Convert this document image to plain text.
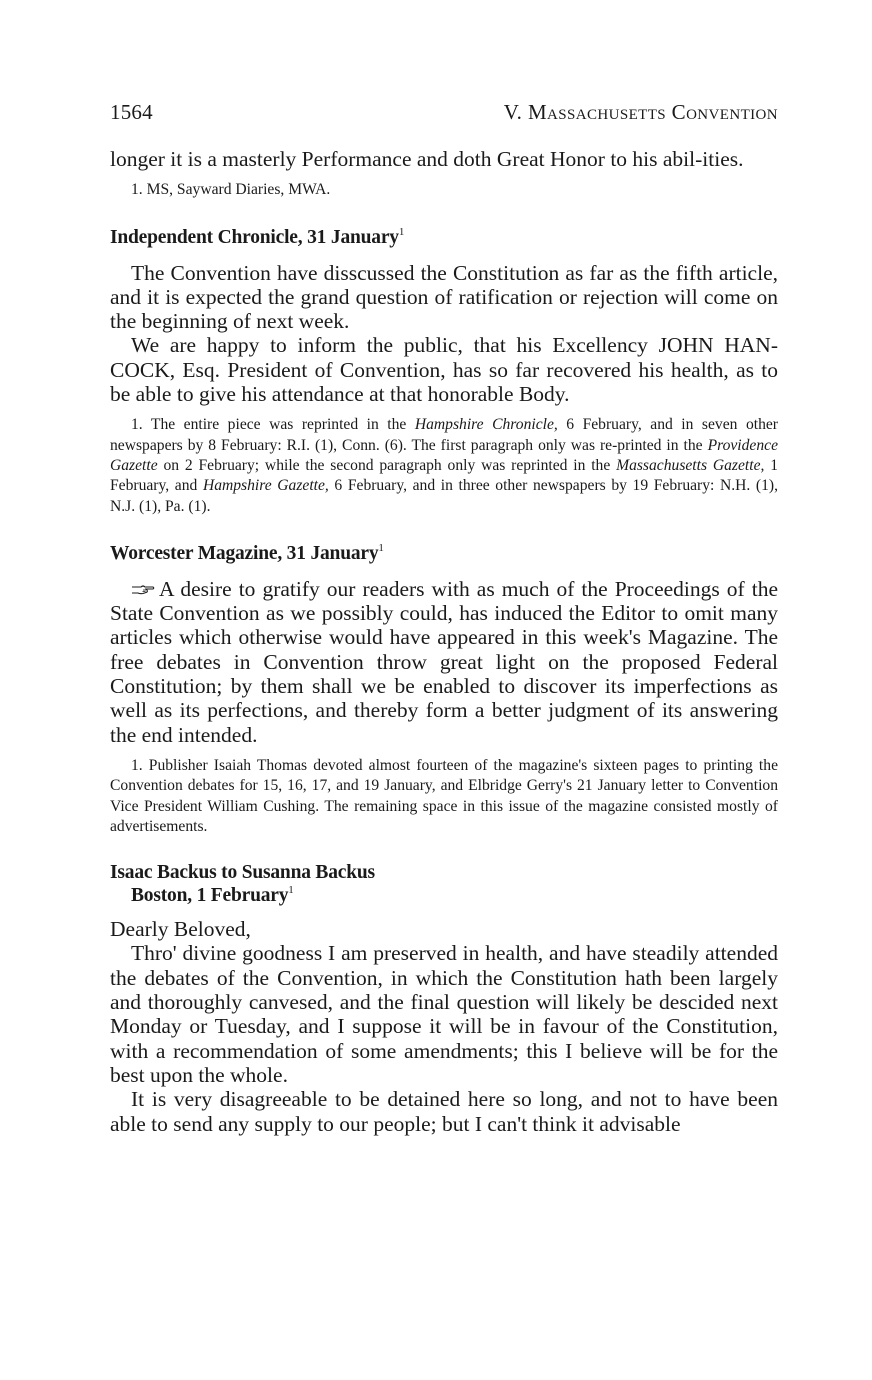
1564	V. Massachusetts Convention

longer it is a masterly Performance and doth Great Honor to his abil-ities.

1. MS, Sayward Diaries, MWA.

Independent Chronicle, 31 January$^1$

The Convention have disscussed the Constitution as far as the fifth article, and it is expected the grand question of ratification or rejection will come on the beginning of next week.

We are happy to inform the public, that his Excellency JOHN HAN-COCK, Esq. President of Convention, has so far recovered his health, as to be able to give his attendance at that honorable Body.

1. The entire piece was reprinted in the Hampshire Chronicle, 6 February, and in seven other newspapers by 8 February: R.I. (1), Conn. (6). The first paragraph only was re-printed in the Providence Gazette on 2 February; while the second paragraph only was reprinted in the Massachusetts Gazette, 1 February, and Hampshire Gazette, 6 February, and in three other newspapers by 19 February: N.H. (1), N.J. (1), Pa. (1).

Worcester Magazine, 31 January$^1$

A desire to gratify our readers with as much of the Proceedings of the State Convention as we possibly could, has induced the Editor to omit many articles which otherwise would have appeared in this week's Magazine. The free debates in Convention throw great light on the proposed Federal Constitution; by them shall we be enabled to discover its imperfections as well as its perfections, and thereby form a better judgment of its answering the end intended.

1. Publisher Isaiah Thomas devoted almost fourteen of the magazine's sixteen pages to printing the Convention debates for 15, 16, 17, and 19 January, and Elbridge Gerry's 21 January letter to Convention Vice President William Cushing. The remaining space in this issue of the magazine consisted mostly of advertisements.

Isaac Backus to Susanna Backus

Boston, 1 February$^1$

Dearly Beloved,

Thro' divine goodness I am preserved in health, and have steadily attended the debates of the Convention, in which the Constitution hath been largely and thoroughly canvesed, and the final question will likely be descided next Monday or Tuesday, and I suppose it will be in favour of the Constitution, with a recommendation of some amendments; this I believe will be for the best upon the whole.

It is very disagreeable to be detained here so long, and not to have been able to send any supply to our people; but I can't think it advisable
